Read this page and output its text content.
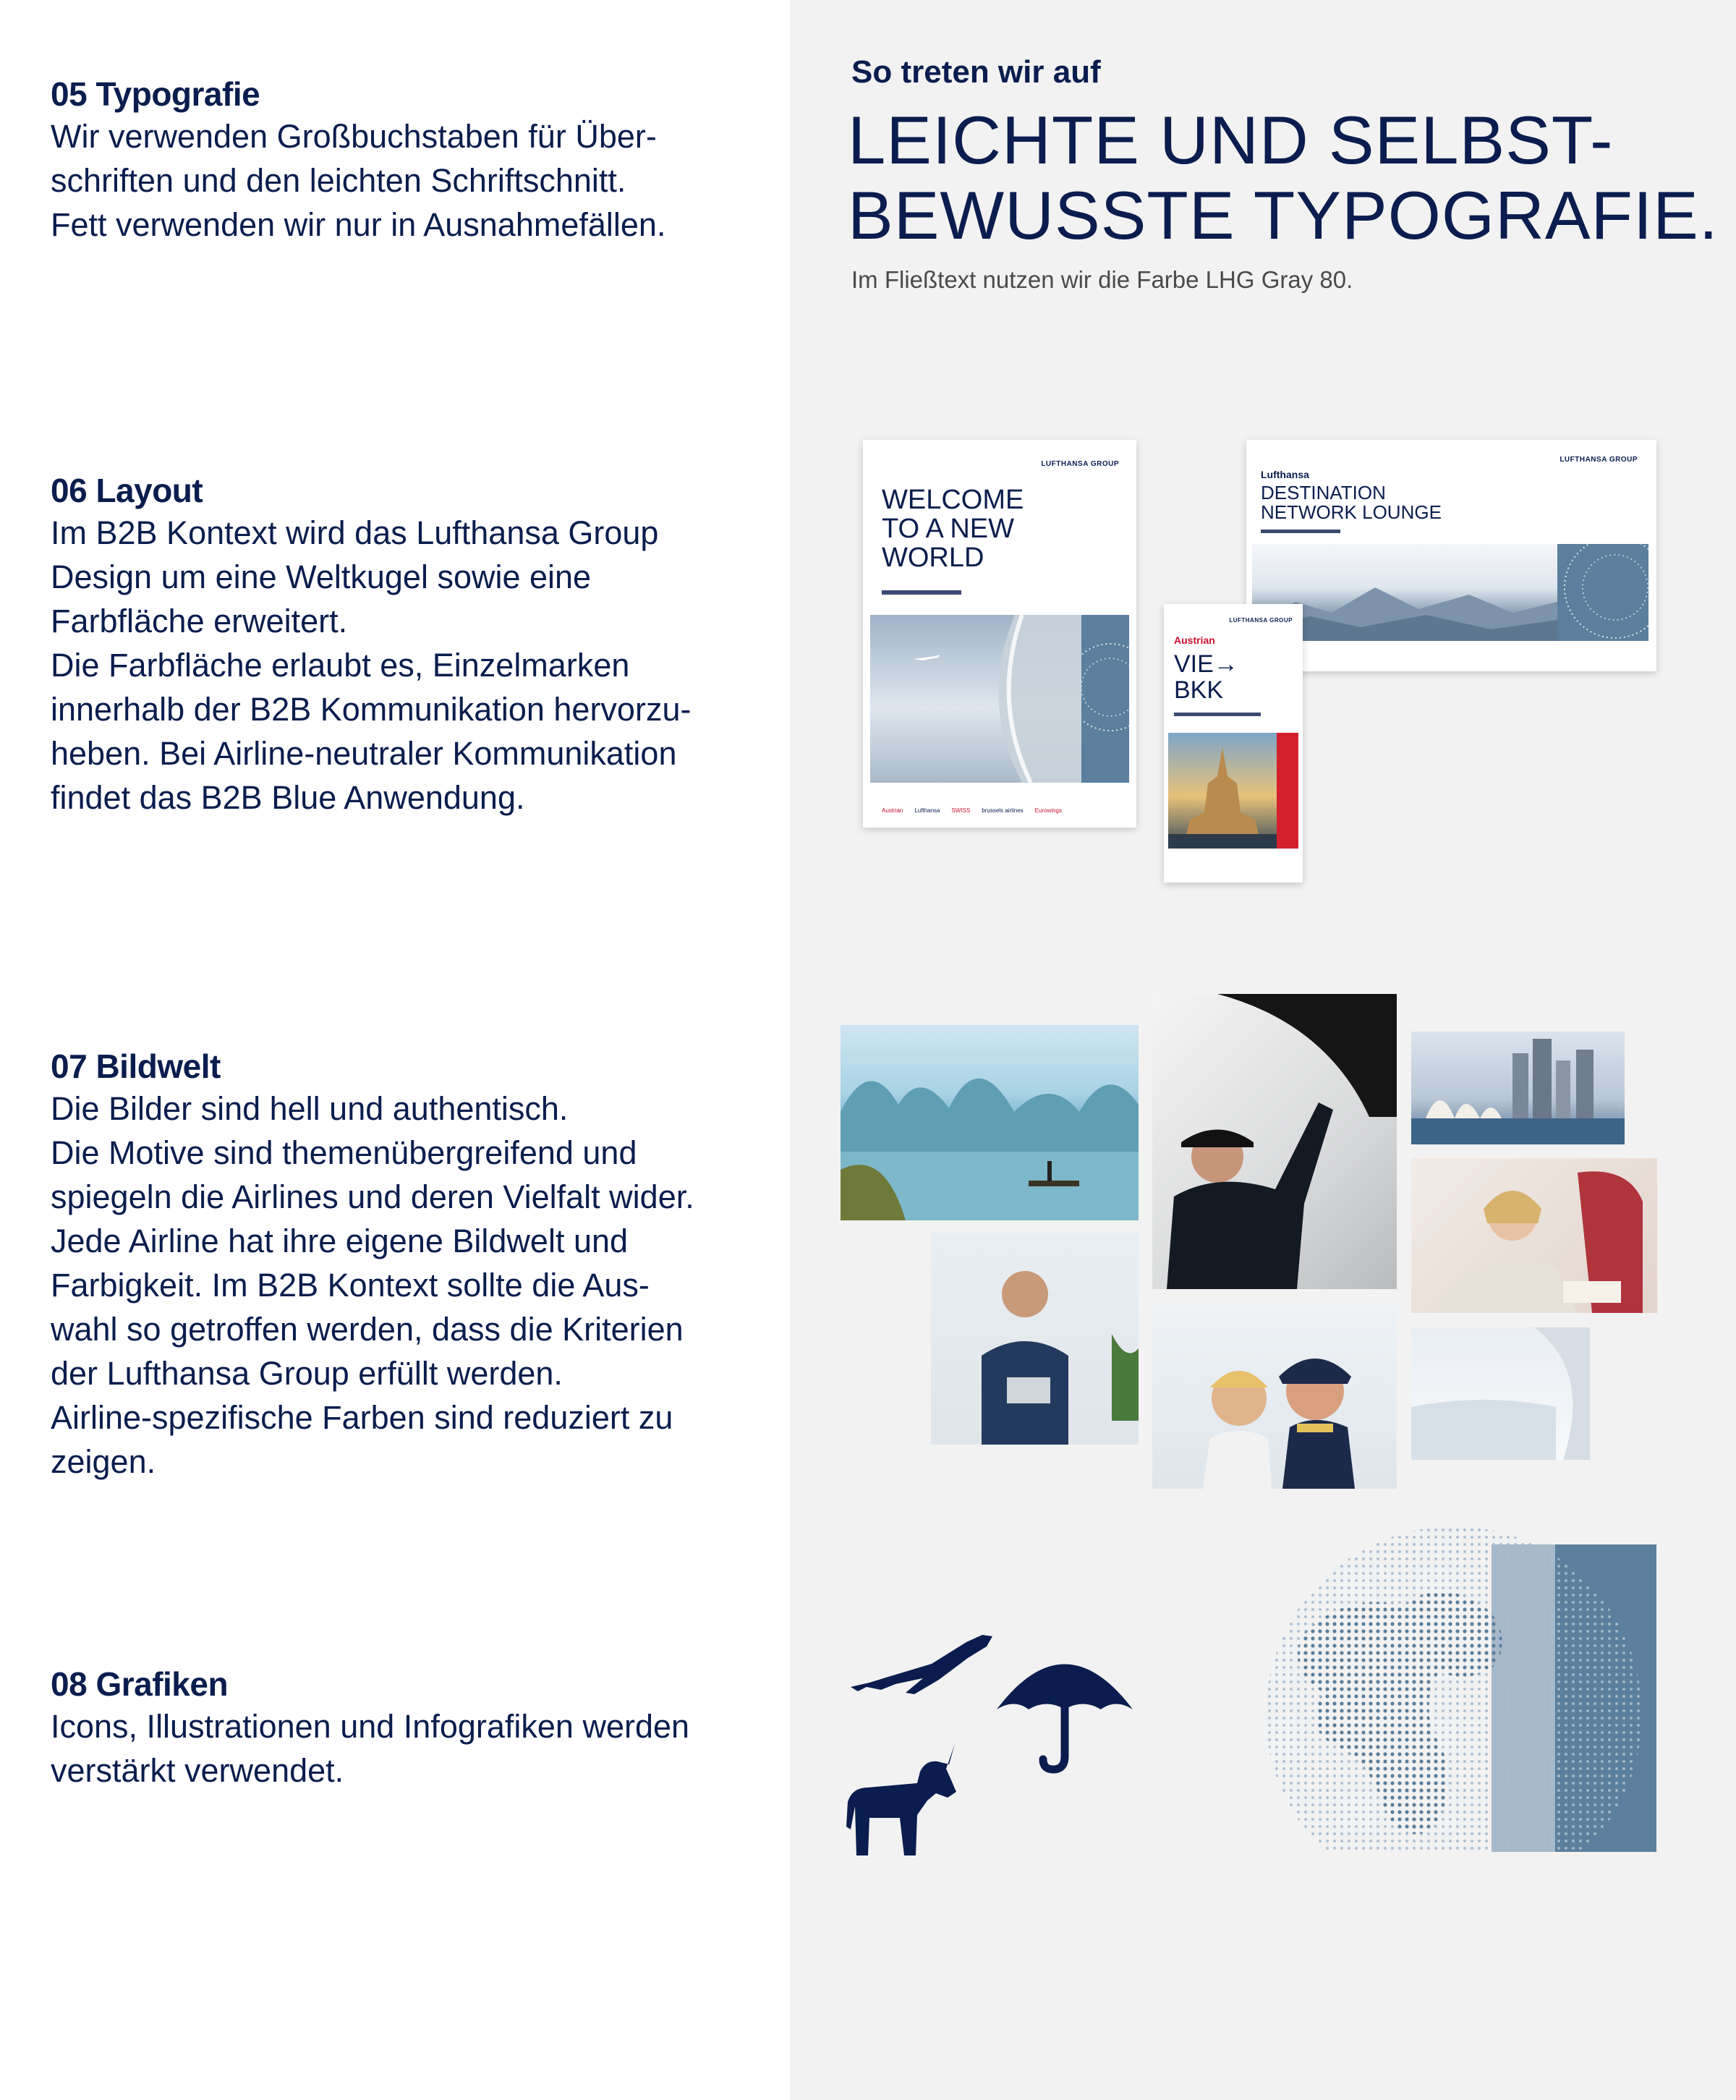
05 Typografie

Wir verwenden Großbuchstaben für Über-

schriften und den leichten Schriftschnitt.

Fett verwenden wir nur in Ausnahmefällen.

06 Layout

Im B2B Kontext wird das Lufthansa Group

Design um eine Weltkugel sowie eine

Farbfläche erweitert.

Die Farbfläche erlaubt es, Einzelmarken

innerhalb der B2B Kommunikation hervorzu-

heben. Bei Airline-neutraler Kommunikation

findet das B2B Blue Anwendung.

07 Bildwelt

Die Bilder sind hell und authentisch.

Die Motive sind themenübergreifend und

spiegeln die Airlines und deren Vielfalt wider.

Jede Airline hat ihre eigene Bildwelt und

Farbigkeit. Im B2B Kontext sollte die Aus-

wahl so getroffen werden, dass die Kriterien

der Lufthansa Group erfüllt werden.

Airline-spezifische Farben sind reduziert zu

zeigen.

08 Grafiken

Icons, Illustrationen und Infografiken werden

verstärkt verwendet.

So treten wir auf
LEICHTE UND SELBST-
BEWUSSTE TYPOGRAFIE.
Im Fließtext nutzen wir die Farbe LHG Gray 80.
LUFTHANSA GROUP
WELCOME
TO A NEW
WORLD
Austrian Lufthansa SWISS brussels airlines Eurowings
LUFTHANSA GROUP
Lufthansa
DESTINATION
NETWORK LOUNGE
LUFTHANSA GROUP
Austrian
VIE→
BKK
